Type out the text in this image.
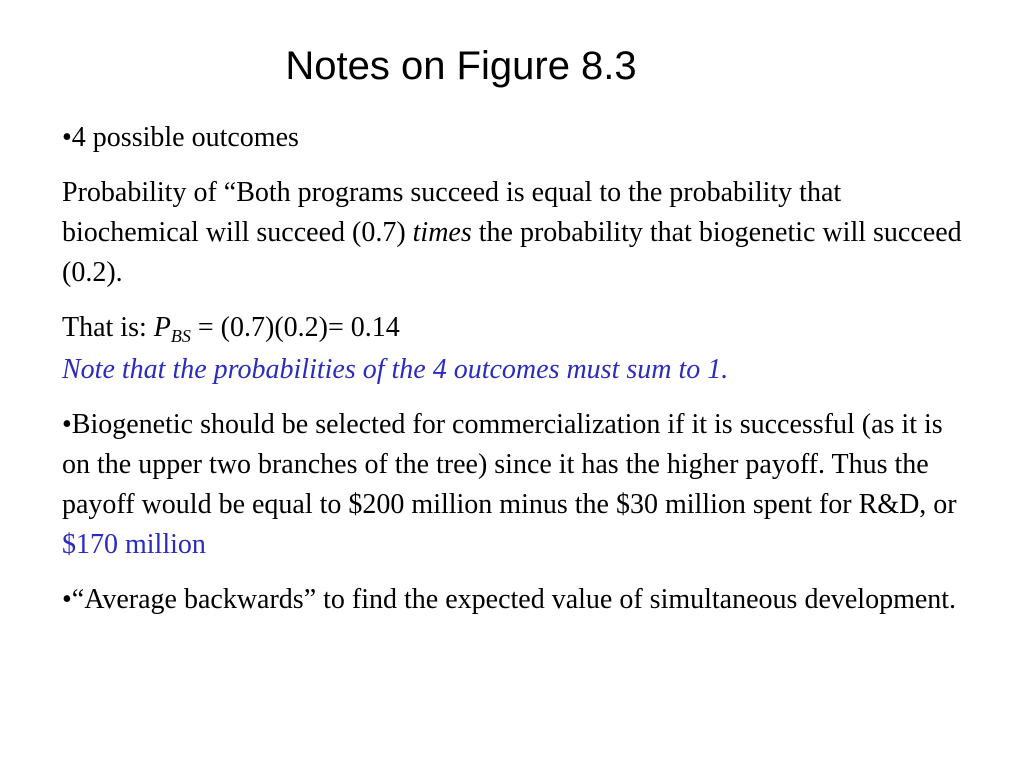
Notes on Figure 8.3

•4 possible outcomes

Probability of “Both programs succeed is equal to the probability that biochemical will succeed (0.7) times the probability that biogenetic will succeed (0.2).

That is: $P_{BS} = (0.7)(0.2)= 0.14$

Note that the probabilities of the 4 outcomes must sum to 1.

•Biogenetic should be selected for commercialization if it is successful (as it is on the upper two branches of the tree) since it has the higher payoff. Thus the payoff would be equal to $200 million minus the $30 million spent for R&D, or $170 million

•“Average backwards” to find the expected value of simultaneous development.
